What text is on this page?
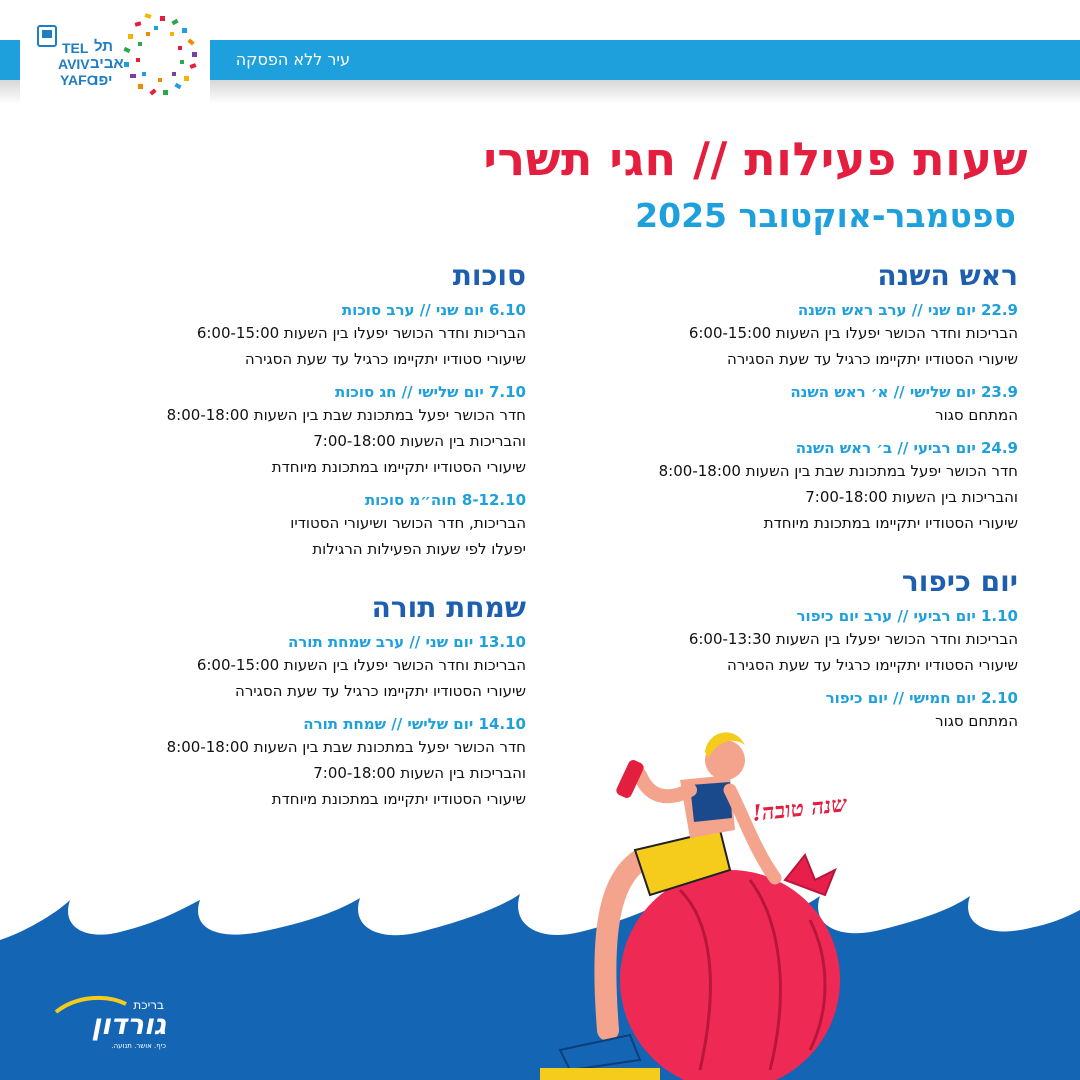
עיר ללא הפסקה
TEL
AVIV
YAFO
תל
אביב
יפו
שעות פעילות // חגי תשרי
ספטמבר-אוקטובר 2025
ראש השנה
22.9 יום שני // ערב ראש השנה
הבריכות וחדר הכושר יפעלו בין השעות 6:00-15:00
שיעורי הסטודיו יתקיימו כרגיל עד שעת הסגירה
23.9 יום שלישי // א׳ ראש השנה
המתחם סגור
24.9 יום רביעי // ב׳ ראש השנה
חדר הכושר יפעל במתכונת שבת בין השעות 8:00-18:00
והבריכות בין השעות 7:00-18:00
שיעורי הסטודיו יתקיימו במתכונת מיוחדת
יום כיפור
1.10 יום רביעי // ערב יום כיפור
הבריכות וחדר הכושר יפעלו בין השעות 6:00-13:30
שיעורי הסטודיו יתקיימו כרגיל עד שעת הסגירה
2.10 יום חמישי // יום כיפור
המתחם סגור
סוכות
6.10 יום שני // ערב סוכות
הבריכות וחדר הכושר יפעלו בין השעות 6:00-15:00
שיעורי סטודיו יתקיימו כרגיל עד שעת הסגירה
7.10 יום שלישי // חג סוכות
חדר הכושר יפעל במתכונת שבת בין השעות 8:00-18:00
והבריכות בין השעות 7:00-18:00
שיעורי הסטודיו יתקיימו במתכונת מיוחדת
8-12.10 חוה״מ סוכות
הבריכות, חדר הכושר ושיעורי הסטודיו
יפעלו לפי שעות הפעילות הרגילות
שמחת תורה
13.10 יום שני // ערב שמחת תורה
הבריכות וחדר הכושר יפעלו בין השעות 6:00-15:00
שיעורי הסטודיו יתקיימו כרגיל עד שעת הסגירה
14.10 יום שלישי // שמחת תורה
חדר הכושר יפעל במתכונת שבת בין השעות 8:00-18:00
והבריכות בין השעות 7:00-18:00
שיעורי הסטודיו יתקיימו במתכונת מיוחדת	שנה טובה!
בריכת
גורדון
כיף. אושר. תנועה.
